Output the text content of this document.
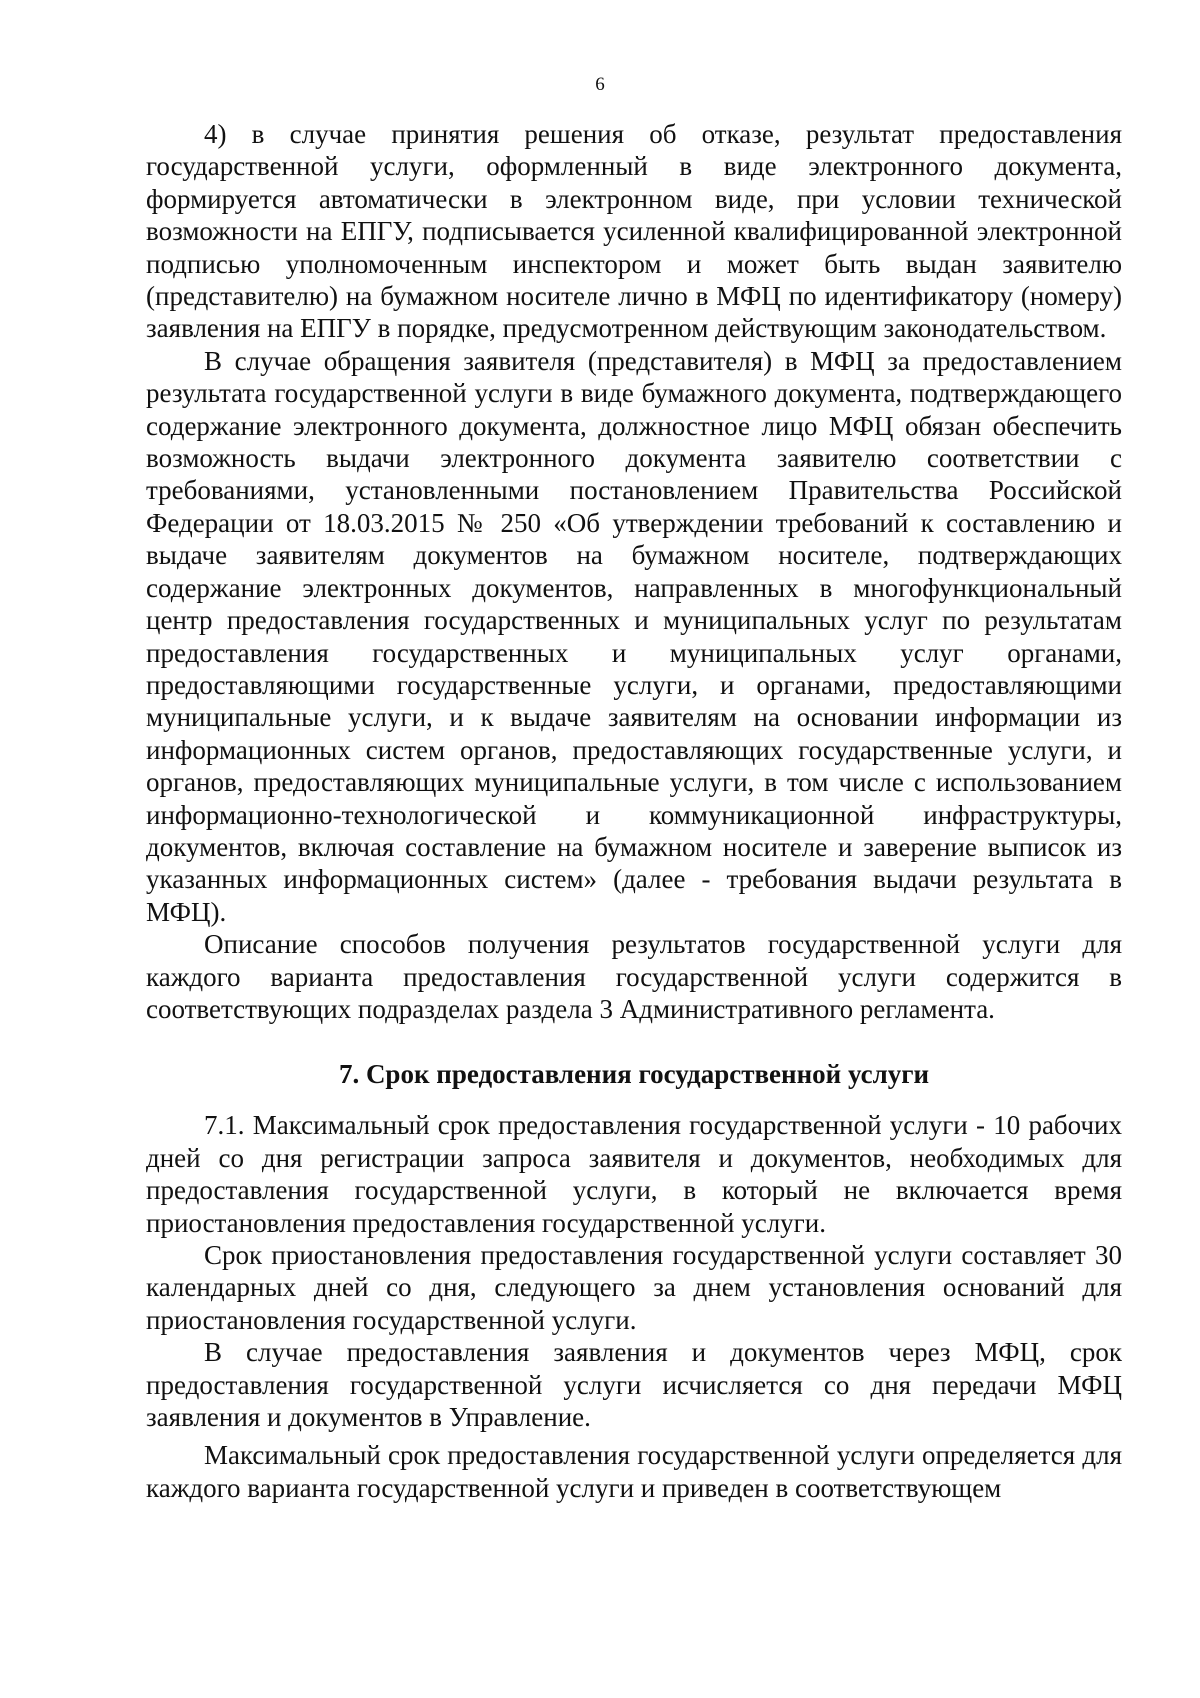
6

4) в случае принятия решения об отказе, результат предоставления государственной услуги, оформленный в виде электронного документа, формируется автоматически в электронном виде, при условии технической возможности на ЕПГУ, подписывается усиленной квалифицированной электронной подписью уполномоченным инспектором и может быть выдан заявителю (представителю) на бумажном носителе лично в МФЦ по идентификатору (номеру) заявления на ЕПГУ в порядке, предусмотренном действующим законодательством.

В случае обращения заявителя (представителя) в МФЦ за предоставлением результата государственной услуги в виде бумажного документа, подтверждающего содержание электронного документа, должностное лицо МФЦ обязан обеспечить возможность выдачи электронного документа заявителю соответствии с требованиями, установленными постановлением Правительства Российской Федерации от 18.03.2015 № 250 «Об утверждении требований к составлению и выдаче заявителям документов на бумажном носителе, подтверждающих содержание электронных документов, направленных в многофункциональный центр предоставления государственных и муниципальных услуг по результатам предоставления государственных и муниципальных услуг органами, предоставляющими государственные услуги, и органами, предоставляющими муниципальные услуги, и к выдаче заявителям на основании информации из информационных систем органов, предоставляющих государственные услуги, и органов, предоставляющих муниципальные услуги, в том числе с использованием информационно-технологической и коммуникационной инфраструктуры, документов, включая составление на бумажном носителе и заверение выписок из указанных информационных систем» (далее - требования выдачи результата в МФЦ).

Описание способов получения результатов государственной услуги для каждого варианта предоставления государственной услуги содержится в соответствующих подразделах раздела 3 Административного регламента.

7. Срок предоставления государственной услуги

7.1. Максимальный срок предоставления государственной услуги - 10 рабочих дней со дня регистрации запроса заявителя и документов, необходимых для предоставления государственной услуги, в который не включается время приостановления предоставления государственной услуги.

Срок приостановления предоставления государственной услуги составляет 30 календарных дней со дня, следующего за днем установления оснований для приостановления государственной услуги.

В случае предоставления заявления и документов через МФЦ, срок предоставления государственной услуги исчисляется со дня передачи МФЦ заявления и документов в Управление.

Максимальный срок предоставления государственной услуги определяется для каждого варианта государственной услуги и приведен в соответствующем
